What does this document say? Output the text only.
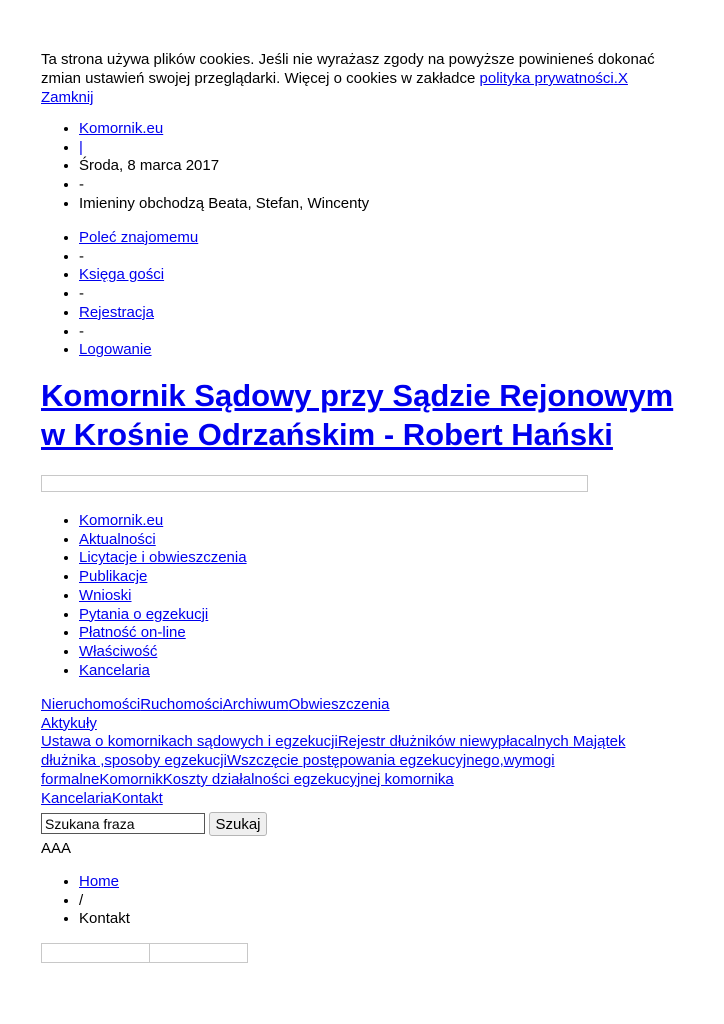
Ta strona używa plików cookies. Jeśli nie wyrażasz zgody na powyższe powinieneś dokonać zmian ustawień swojej przeglądarki. Więcej o cookies w zakładce polityka prywatności.X Zamknij
• Komornik.eu
• |
• Środa, 8 marca 2017
• -
• Imieniny obchodzą Beata, Stefan, Wincenty
• Poleć znajomemu
• -
• Księga gości
• -
• Rejestracja
• -
• Logowanie
Komornik Sądowy przy Sądzie Rejonowym w Krośnie Odrzańskim - Robert Hański
• Komornik.eu
• Aktualności
• Licytacje i obwieszczenia
• Publikacje
• Wnioski
• Pytania o egzekucji
• Płatność on-line
• Właściwość
• Kancelaria
NieruchomościRuchomościArchiwumObwieszczenia
Aktykuły
Ustawa o komornikach sądowych i egzekucjiRejestr dłużników niewypłacalnych Majątek dłużnika ,sposoby egzekucjiWszczęcie postępowania egzekucyjnego,wymogi formalneKomornikKoszty działalności egzekucyjnej komornika
KancelariaKontakt
Szukana fraza
Szukaj
AAA
• Home
• /
• Kontakt
